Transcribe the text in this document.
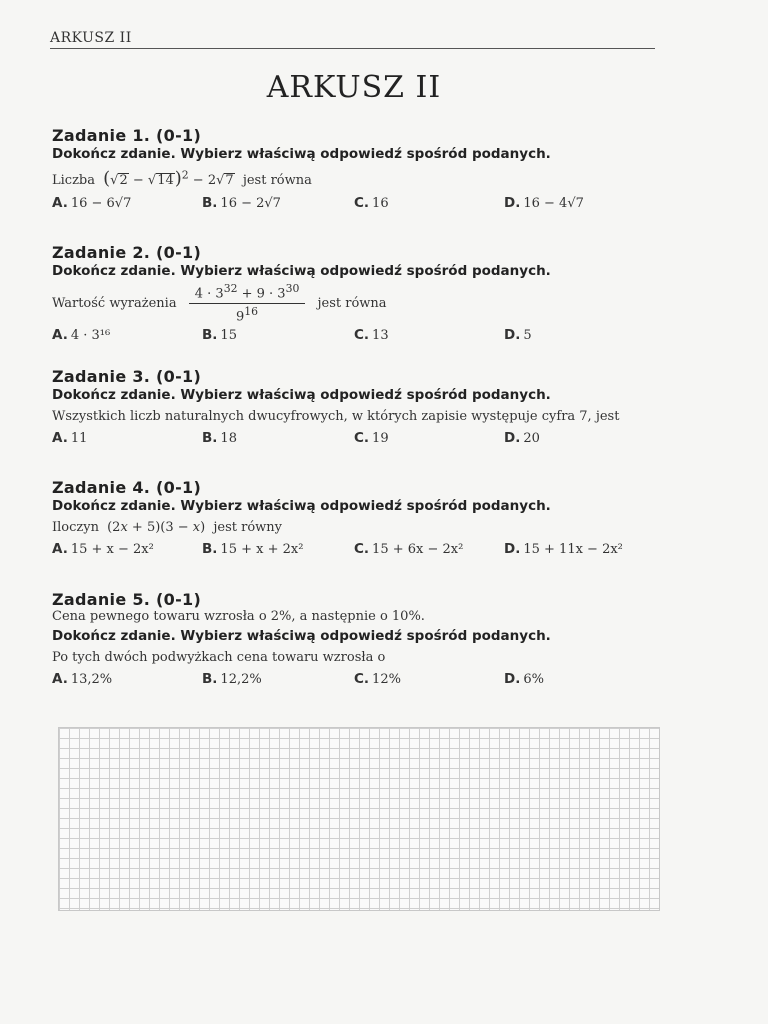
ARKUSZ II
ARKUSZ II
Zadanie 1. (0-1)
Dokończ zdanie. Wybierz właściwą odpowiedź spośród podanych.
Liczba $(√2 - √14)^2 - 2√7$ jest równa
A. 16 − 6√7	B. 16 − 2√7	C. 16	D. 16 − 4√7
Zadanie 2. (0-1)
Dokończ zdanie. Wybierz właściwą odpowiedź spośród podanych.
Wartość wyrażenia $\frac{4 \cdot 3^{32} + 9 \cdot 3^{30}}{9^{16}}$ jest równa
A. 4 · 3¹⁶	B. 15	C. 13	D. 5
Zadanie 3. (0-1)
Dokończ zdanie. Wybierz właściwą odpowiedź spośród podanych.
Wszystkich liczb naturalnych dwucyfrowych, w których zapisie występuje cyfra 7, jest
A. 11	B. 18	C. 19	D. 20
Zadanie 4. (0-1)
Dokończ zdanie. Wybierz właściwą odpowiedź spośród podanych.
Iloczyn (2x + 5)(3 − x) jest równy
A. 15 + x − 2x²	B. 15 + x + 2x²	C. 15 + 6x − 2x²	D. 15 + 11x − 2x²
Zadanie 5. (0-1)
Cena pewnego towaru wzrosła o 2%, a następnie o 10%.
Dokończ zdanie. Wybierz właściwą odpowiedź spośród podanych.
Po tych dwóch podwyżkach cena towaru wzrosła o
A. 13,2%	B. 12,2%	C. 12%	D. 6%
